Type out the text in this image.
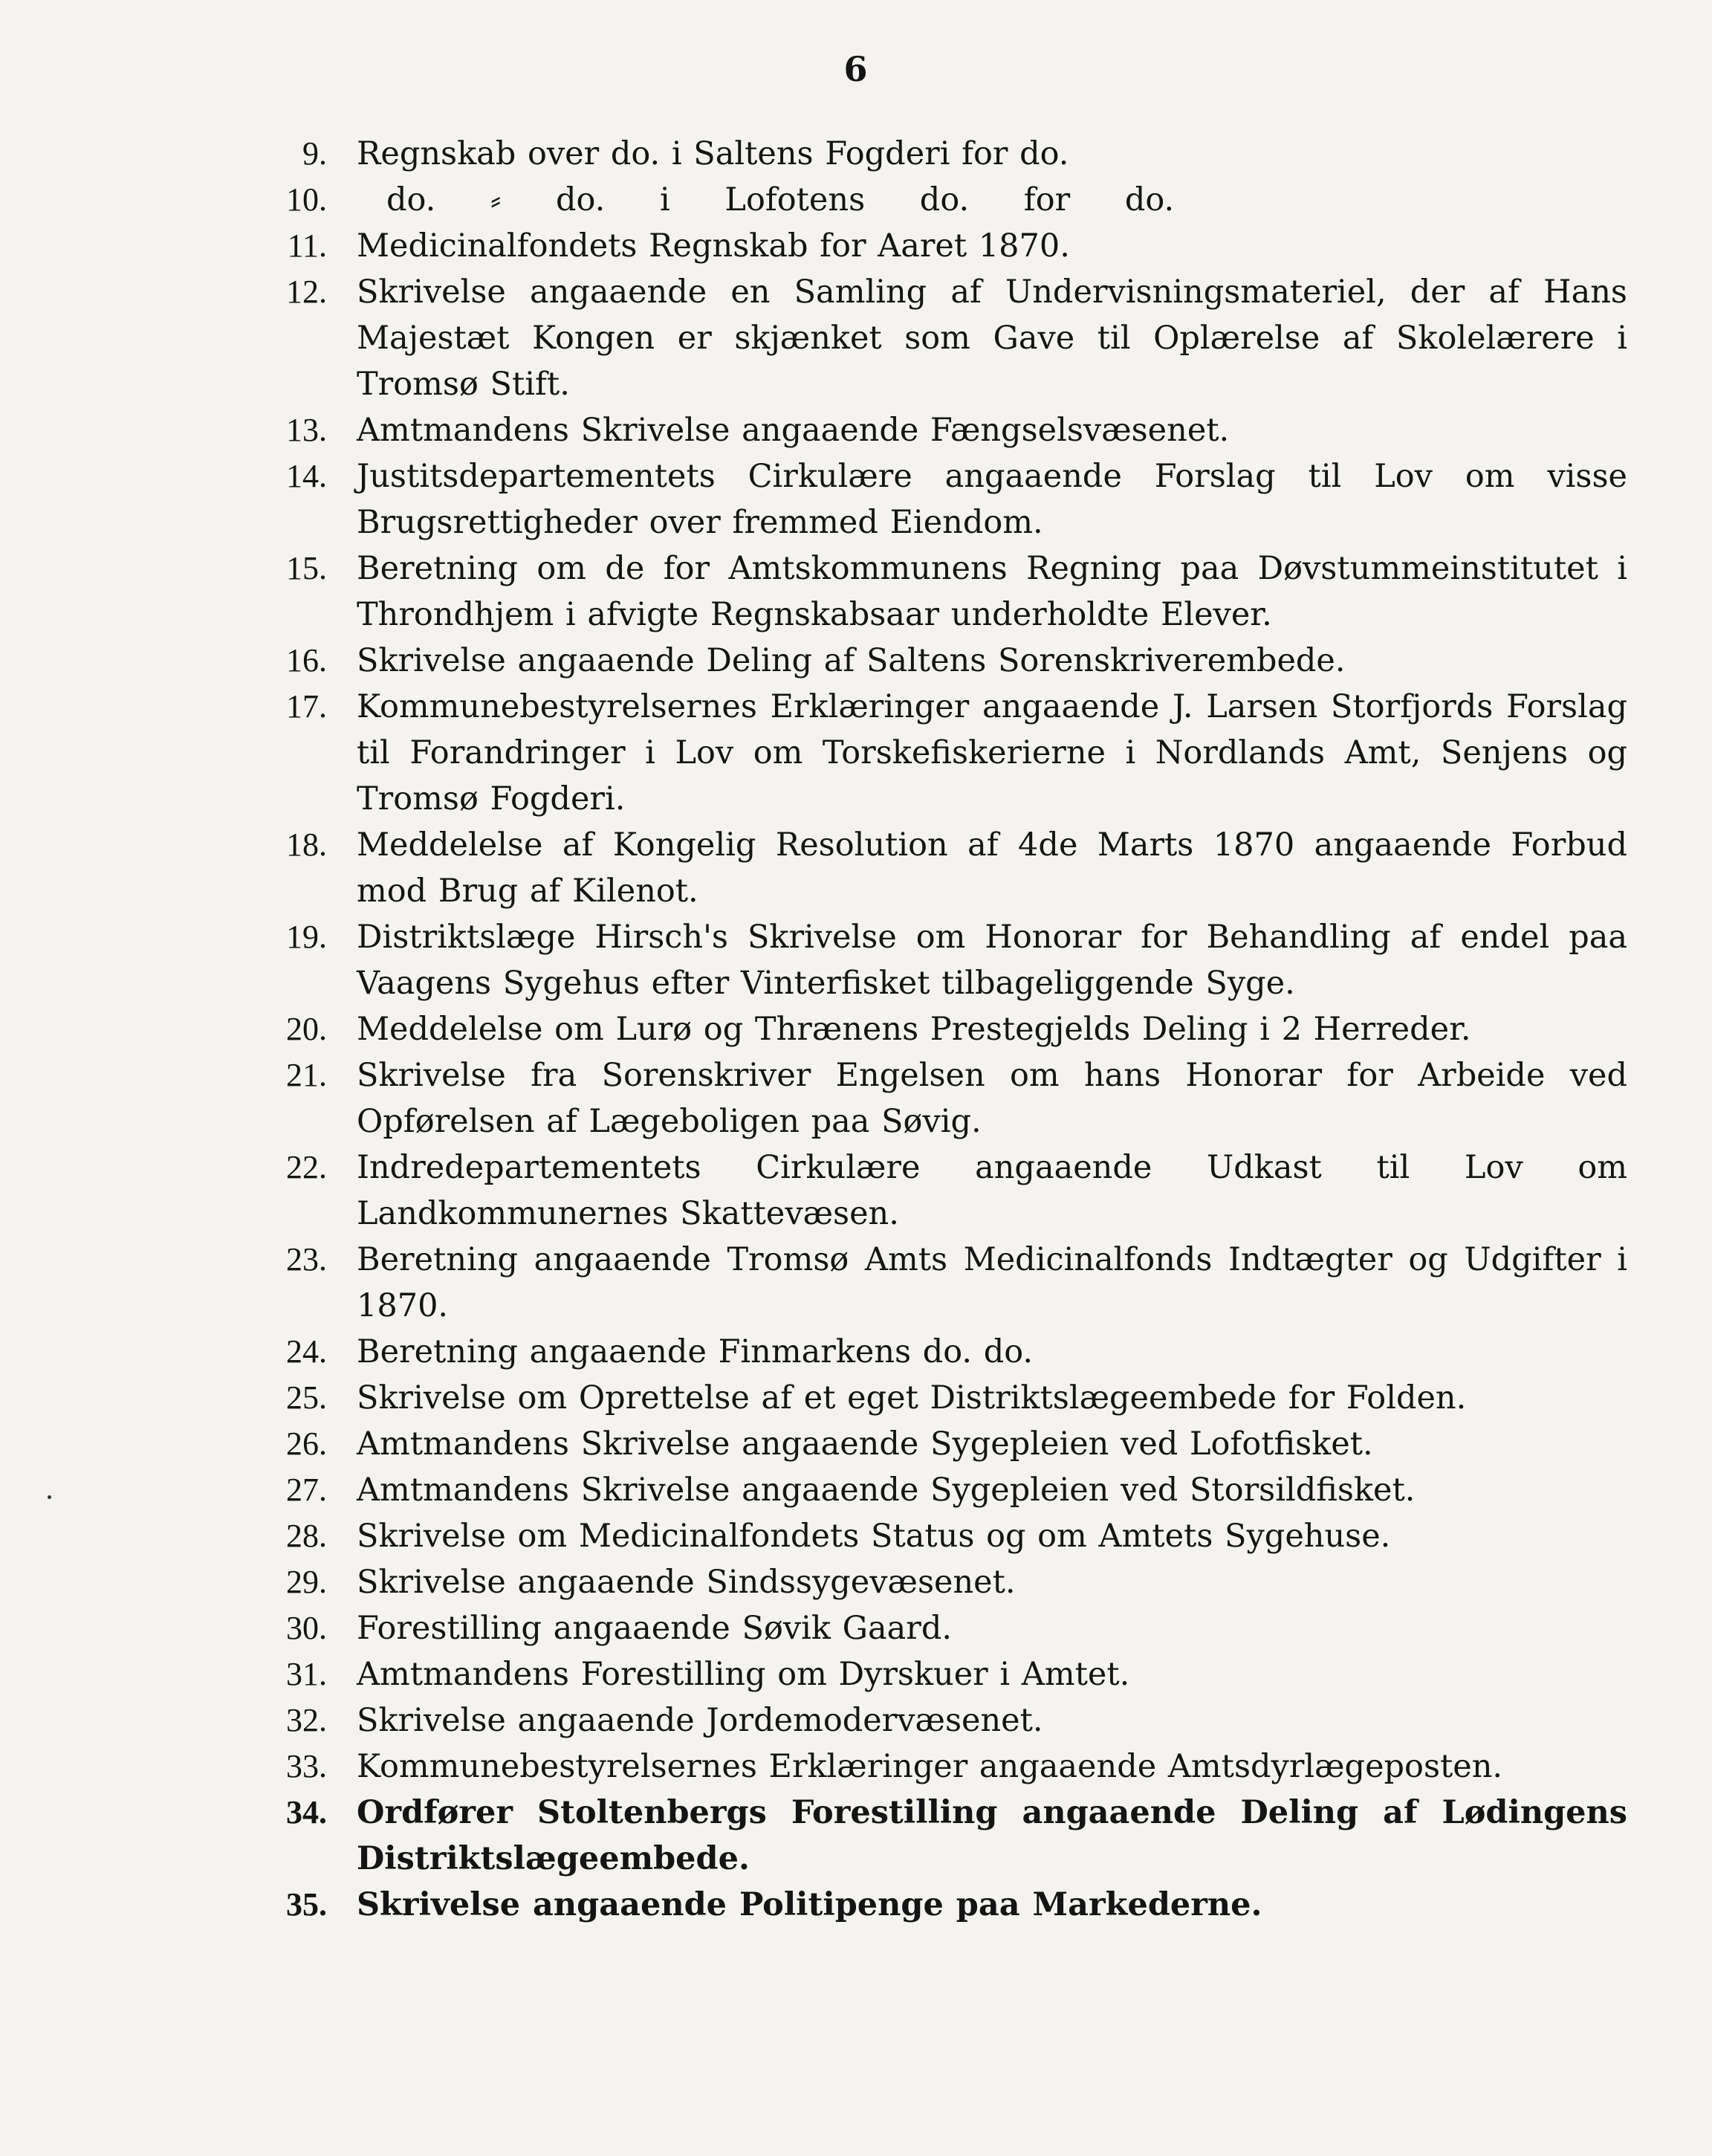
6
9. Regnskab over do. i Saltens Fogderi for do.
10.	do. ⸗ do. i Lofotens do. for do.
11. Medicinalfondets Regnskab for Aaret 1870.
12. Skrivelse angaaende en Samling af Undervisningsmateriel, der af Hans Majestæt Kongen er skjænket som Gave til Oplærelse af Skolelærere i Tromsø Stift.
13. Amtmandens Skrivelse angaaende Fængselsvæsenet.
14. Justitsdepartementets Cirkulære angaaende Forslag til Lov om visse Brugsrettigheder over fremmed Eiendom.
15. Beretning om de for Amtskommunens Regning paa Døvstummeinstitutet i Throndhjem i afvigte Regnskabsaar underholdte Elever.
16. Skrivelse angaaende Deling af Saltens Sorenskriverembede.
17. Kommunebestyrelsernes Erklæringer angaaende J. Larsen Storfjords Forslag til Forandringer i Lov om Torskefiskerierne i Nordlands Amt, Senjens og Tromsø Fogderi.
18. Meddelelse af Kongelig Resolution af 4de Marts 1870 angaaende Forbud mod Brug af Kilenot.
19. Distriktslæge Hirsch's Skrivelse om Honorar for Behandling af endel paa Vaagens Sygehus efter Vinterfisket tilbageliggende Syge.
20. Meddelelse om Lurø og Thrænens Prestegjelds Deling i 2 Herreder.
21. Skrivelse fra Sorenskriver Engelsen om hans Honorar for Arbeide ved Opførelsen af Lægeboligen paa Søvig.
22. Indredepartementets Cirkulære angaaende Udkast til Lov om Landkommunernes Skattevæsen.
23. Beretning angaaende Tromsø Amts Medicinalfonds Indtægter og Udgifter i 1870.
24. Beretning angaaende Finmarkens do. do.
25. Skrivelse om Oprettelse af et eget Distriktslægeembede for Folden.
26. Amtmandens Skrivelse angaaende Sygepleien ved Lofotfisket.
27. Amtmandens Skrivelse angaaende Sygepleien ved Storsildfisket.
28. Skrivelse om Medicinalfondets Status og om Amtets Sygehuse.
29. Skrivelse angaaende Sindssygevæsenet.
30. Forestilling angaaende Søvik Gaard.
31. Amtmandens Forestilling om Dyrskuer i Amtet.
32. Skrivelse angaaende Jordemodervæsenet.
33. Kommunebestyrelsernes Erklæringer angaaende Amtsdyrlægeposten.
34. Ordfører Stoltenbergs Forestilling angaaende Deling af Lødingens Distriktslægeembede.
35. Skrivelse angaaende Politipenge paa Markederne.
